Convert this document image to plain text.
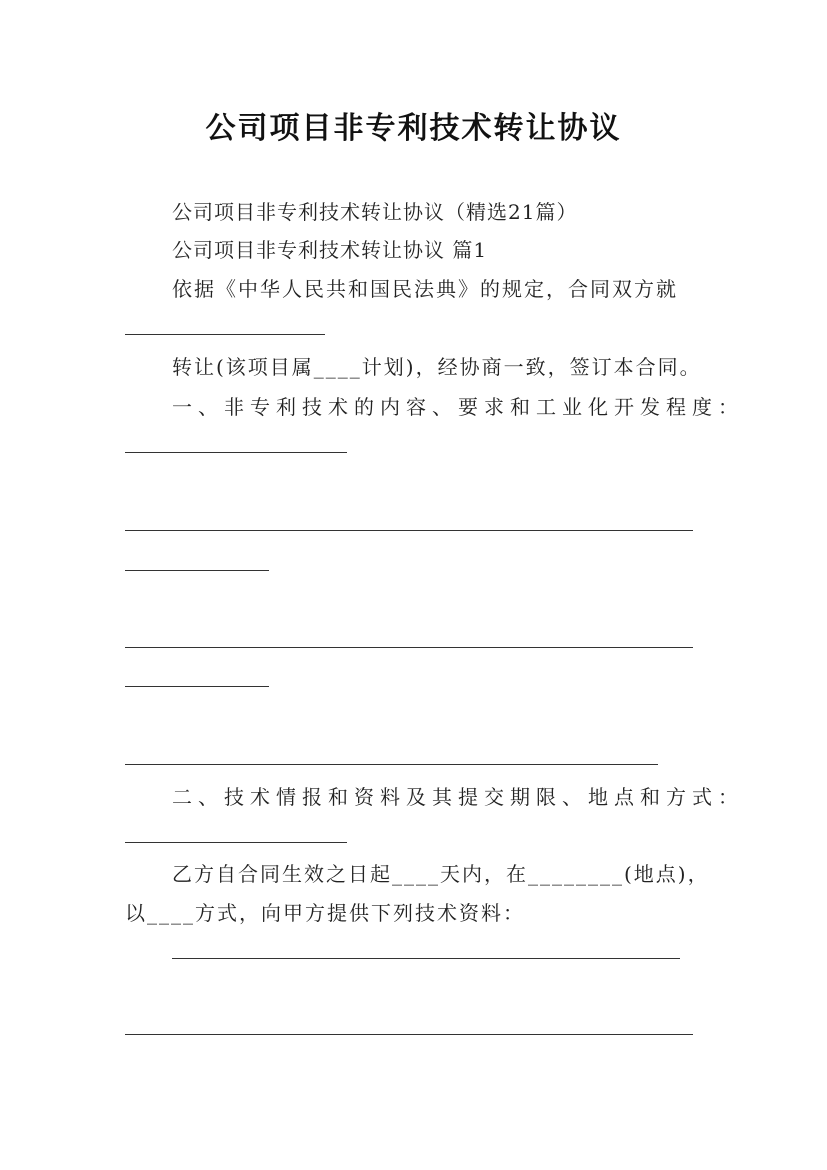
公司项目非专利技术转让协议
公司项目非专利技术转让协议（精选21篇）
公司项目非专利技术转让协议 篇1
依据《中华人民共和国民法典》的规定，合同双方就
转让(该项目属____计划)，经协商一致，签订本合同。
一、非专利技术的内容、要求和工业化开发程度：
二、技术情报和资料及其提交期限、地点和方式：
乙方自合同生效之日起____天内，在________(地点)，
以____方式，向甲方提供下列技术资料：
